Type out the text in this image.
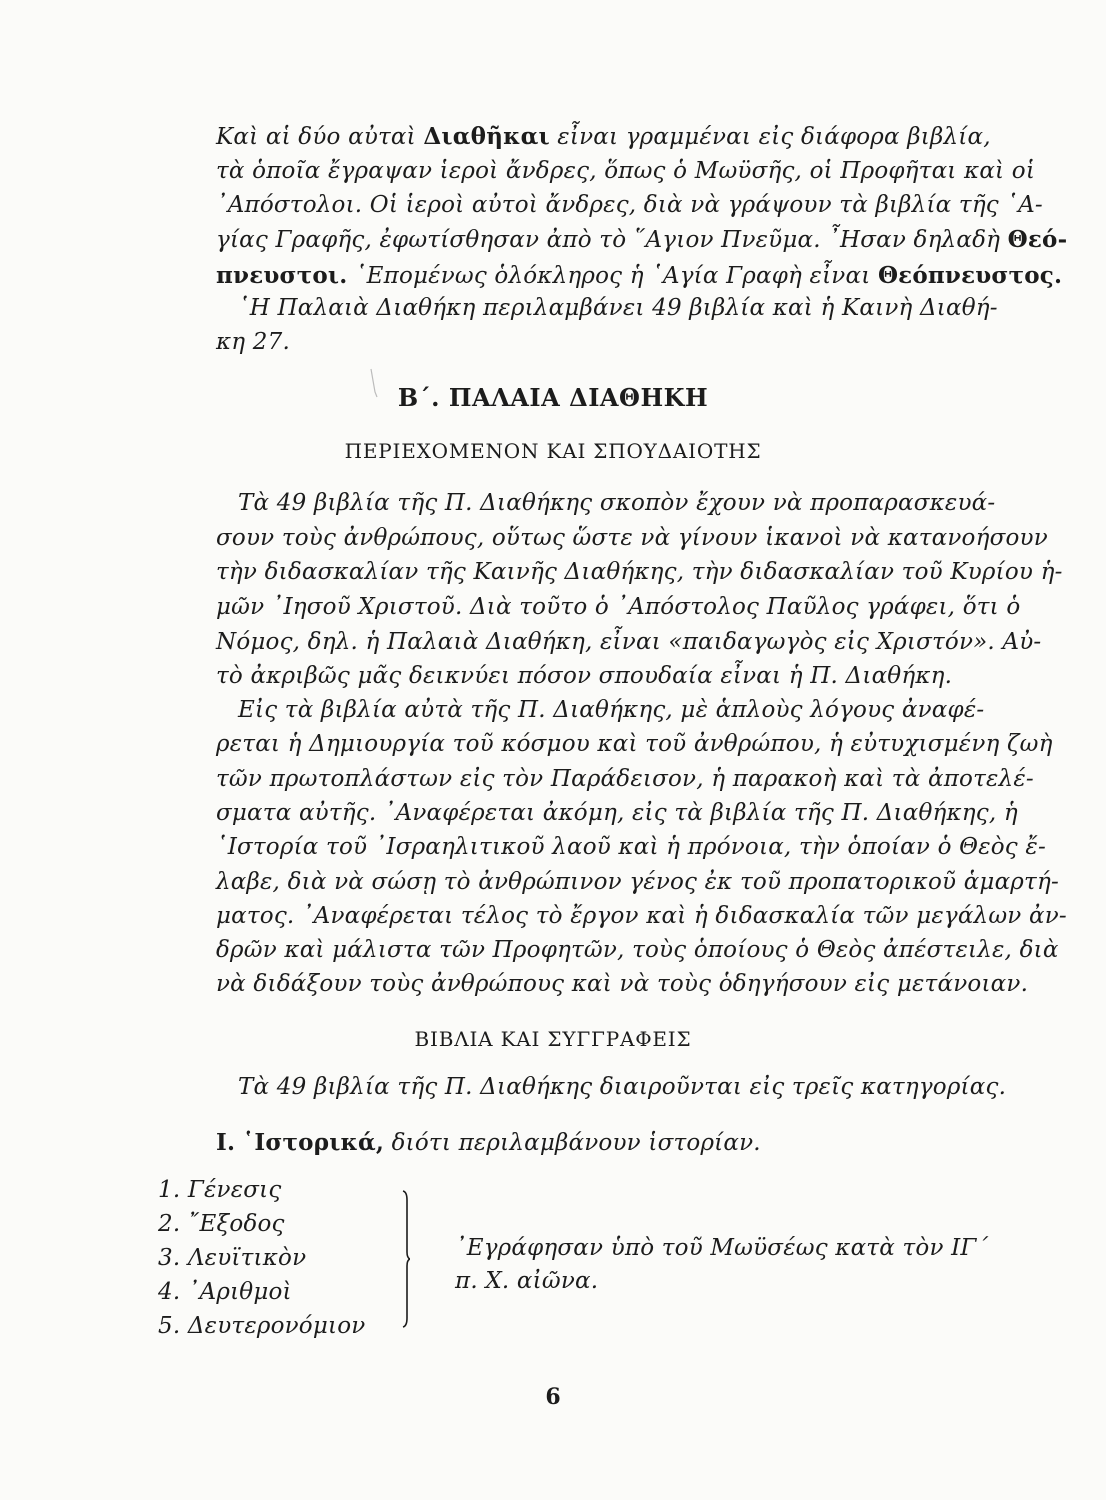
Καὶ αἱ δύο αὐταὶ Διαθῆκαι εἶναι γραμμέναι εἰς διάφορα βιβλία,
τὰ ὁποῖα ἔγραψαν ἱεροὶ ἄνδρες, ὅπως ὁ Μωϋσῆς, οἱ Προφῆται καὶ οἱ
᾿Απόστολοι. Οἱ ἱεροὶ αὐτοὶ ἄνδρες, διὰ νὰ γράψουν τὰ βιβλία τῆς ῾Α-
γίας Γραφῆς, ἐφωτίσθησαν ἀπὸ τὸ ῞Αγιον Πνεῦμα. ῏Ησαν δηλαδὴ Θεό-
πνευστοι. ῾Επομένως ὁλόκληρος ἡ ῾Αγία Γραφὴ εἶναι Θεόπνευστος.
῾Η Παλαιὰ Διαθήκη περιλαμβάνει 49 βιβλία καὶ ἡ Καινὴ Διαθή-
κη 27.
Β΄. ΠΑΛΑΙΑ ΔΙΑΘΗΚΗ
ΠΕΡΙΕΧΟΜΕΝΟΝ ΚΑΙ ΣΠΟΥΔΑΙΟΤΗΣ
Τὰ 49 βιβλία τῆς Π. Διαθήκης σκοπὸν ἔχουν νὰ προπαρασκευά-
σουν τοὺς ἀνθρώπους, οὕτως ὥστε νὰ γίνουν ἱκανοὶ νὰ κατανοήσουν
τὴν διδασκαλίαν τῆς Καινῆς Διαθήκης, τὴν διδασκαλίαν τοῦ Κυρίου ἡ-
μῶν ᾿Ιησοῦ Χριστοῦ. Διὰ τοῦτο ὁ ᾿Απόστολος Παῦλος γράφει, ὅτι ὁ
Νόμος, δηλ. ἡ Παλαιὰ Διαθήκη, εἶναι «παιδαγωγὸς εἰς Χριστόν». Αὐ-
τὸ ἀκριβῶς μᾶς δεικνύει πόσον σπουδαία εἶναι ἡ Π. Διαθήκη.
Εἰς τὰ βιβλία αὐτὰ τῆς Π. Διαθήκης, μὲ ἁπλοὺς λόγους ἀναφέ-
ρεται ἡ Δημιουργία τοῦ κόσμου καὶ τοῦ ἀνθρώπου, ἡ εὐτυχισμένη ζωὴ
τῶν πρωτοπλάστων εἰς τὸν Παράδεισον, ἡ παρακοὴ καὶ τὰ ἀποτελέ-
σματα αὐτῆς. ᾿Αναφέρεται ἀκόμη, εἰς τὰ βιβλία τῆς Π. Διαθήκης, ἡ
῾Ιστορία τοῦ ᾿Ισραηλιτικοῦ λαοῦ καὶ ἡ πρόνοια, τὴν ὁποίαν ὁ Θεὸς ἔ-
λαβε, διὰ νὰ σώσῃ τὸ ἀνθρώπινον γένος ἐκ τοῦ προπατορικοῦ ἁμαρτή-
ματος. ᾿Αναφέρεται τέλος τὸ ἔργον καὶ ἡ διδασκαλία τῶν μεγάλων ἀν-
δρῶν καὶ μάλιστα τῶν Προφητῶν, τοὺς ὁποίους ὁ Θεὸς ἀπέστειλε, διὰ
νὰ διδάξουν τοὺς ἀνθρώπους καὶ νὰ τοὺς ὁδηγήσουν εἰς μετάνοιαν.
ΒΙΒΛΙΑ ΚΑΙ ΣΥΓΓΡΑΦΕΙΣ
Τὰ 49 βιβλία τῆς Π. Διαθήκης διαιροῦνται εἰς τρεῖς κατηγορίας.
Ι. ῾Ιστορικά, διότι περιλαμβάνουν ἱστορίαν.
1. Γένεσις
2. ῎Εξοδος
3. Λευϊτικὸν
4. ᾿Αριθμοὶ
5. Δευτερονόμιον
᾿Εγράφησαν ὑπὸ τοῦ Μωϋσέως κατὰ τὸν ΙΓ΄
π. Χ. αἰῶνα.
6
